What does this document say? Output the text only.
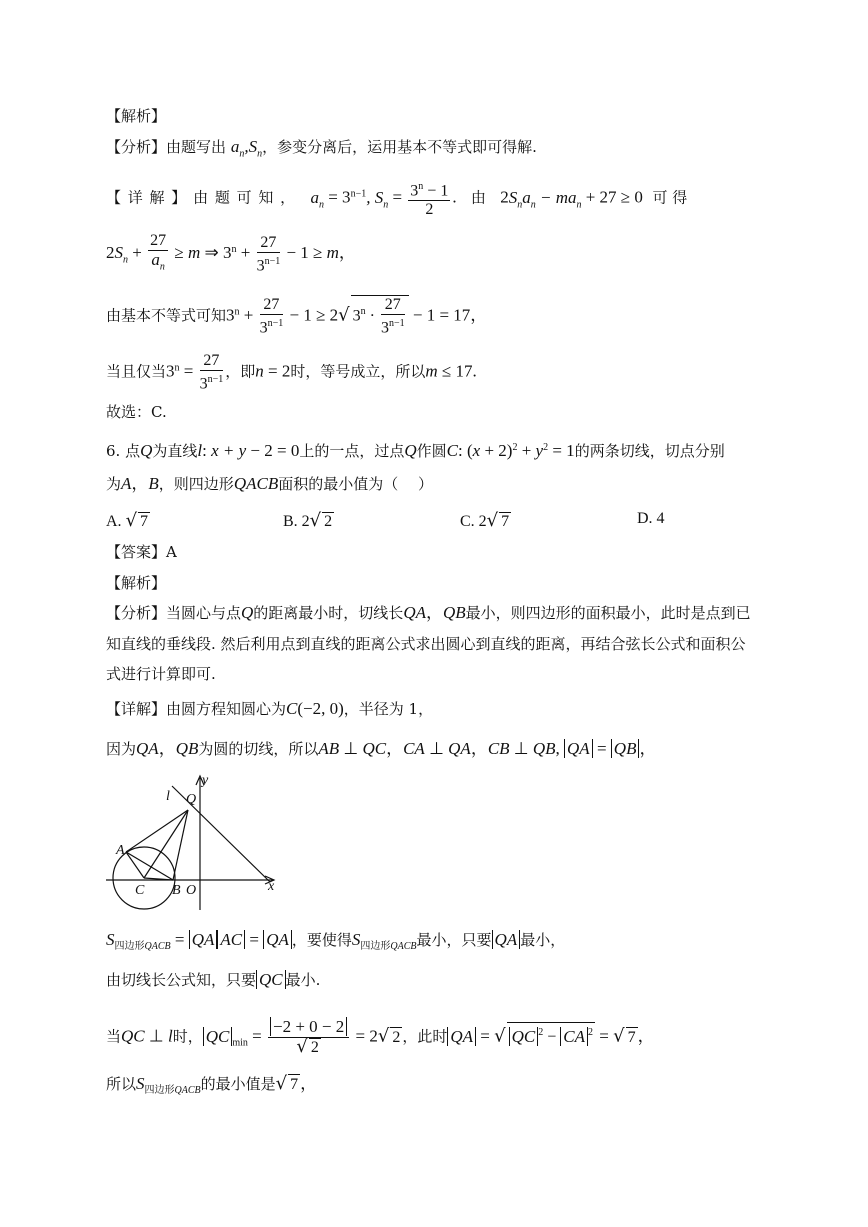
【解析】
【分析】由题写出 $a_n,S_n$，参变分离后，运用基本不等式即可得解.
【 详 解 】 由 题 可 知 ， $a_n = 3^{n-1}$, $S_n = \frac{3^n - 1}{2}$ . 由 $2S_na_n - ma_n + 27 \ge 0$ 可 得
$2S_n + \frac{27}{a_n} \ge m$ ⇒ $3^n + \frac{27}{3^{n-1}} - 1 \ge m$，
由基本不等式可知$3^n + \frac{27}{3^{n-1}} - 1 \ge 2√$ $3^n \cdot \frac{27}{3^{n-1}} - 1 = 17$，
当且仅当$3^n = \frac{27}{3^{n-1}}$ ，即n = 2时，等号成立，所以m ≤ 17.
故选：C.
6. 点Q为直线l: x + y − 2 = 0上的一点，过点Q作圆C: $(x + 2)^2 + y^2 = 1$的两条切线，切点分别
为A，B，则四边形QACB面积的最小值为（　 ）
A. √ 7	B. 2√ 2	C. 2√ 7	D. 4
【答案】A
【解析】
【分析】当圆心与点Q的距离最小时，切线长QA，QB最小，则四边形的面积最小，此时是点到已
知直线的垂线段. 然后利用点到直线的距离公式求出圆心到直线的距离，再结合弦长公式和面积公
式进行计算即可.
【详解】由圆方程知圆心为C(−2, 0)，半径为 1，
因为QA，QB为圆的切线，所以AB ⊥ QC，CA ⊥ QA，CB ⊥ QB, QA = QB ，
y
l Q
A
C B O	x
$S_{四边形QACB}$ = QA AC = QA ，要使得$S_{四边形QACB}$最小，只要 QA 最小，
由切线长公式知，只要 QC 最小.
当QC ⊥ l时， QC $_{min} = \frac{-2 + 0 - 2}{√ 2} = 2√$ 2 ，此时 QA = √ QC $^2$ − CA $^2$ = √ 7 ，
所以$S_{四边形QACB}$的最小值是√ 7 ，
